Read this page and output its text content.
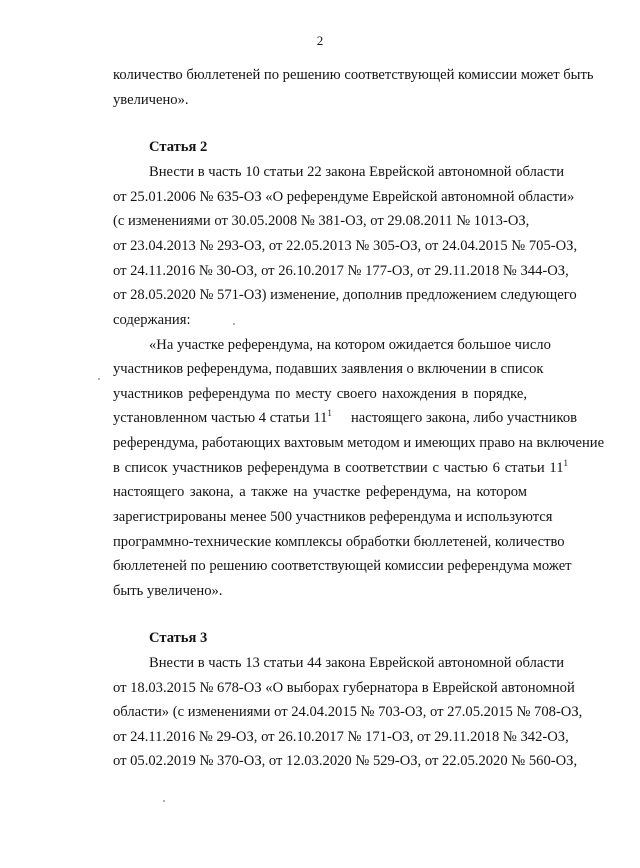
2
количество бюллетеней по решению соответствующей комиссии может быть
увеличено».
Статья 2
Внести в часть 10 статьи 22 закона Еврейской автономной области
от 25.01.2006 № 635-ОЗ «О референдуме Еврейской автономной области»
(с изменениями от 30.05.2008 № 381-ОЗ, от 29.08.2011 № 1013-ОЗ,
от 23.04.2013 № 293-ОЗ, от 22.05.2013 № 305-ОЗ, от 24.04.2015 № 705-ОЗ,
от 24.11.2016 № 30-ОЗ, от 26.10.2017 № 177-ОЗ, от 29.11.2018 № 344-ОЗ,
от 28.05.2020 № 571-ОЗ) изменение, дополнив предложением следующего
содержания:
«На участке референдума, на котором ожидается большое число
участников референдума, подавших заявления о включении в список
участников референдума по месту своего нахождения в порядке,
установленном частью 4 статьи $11^1$ настоящего закона, либо участников
референдума, работающих вахтовым методом и имеющих право на включение
в список участников референдума в соответствии с частью 6 статьи $11^1$
настоящего закона, а также на участке референдума, на котором
зарегистрированы менее 500 участников референдума и используются
программно-технические комплексы обработки бюллетеней, количество
бюллетеней по решению соответствующей комиссии референдума может
быть увеличено».
Статья 3
Внести в часть 13 статьи 44 закона Еврейской автономной области
от 18.03.2015 № 678-ОЗ «О выборах губернатора в Еврейской автономной
области» (с изменениями от 24.04.2015 № 703-ОЗ, от 27.05.2015 № 708-ОЗ,
от 24.11.2016 № 29-ОЗ, от 26.10.2017 № 171-ОЗ, от 29.11.2018 № 342-ОЗ,
от 05.02.2019 № 370-ОЗ, от 12.03.2020 № 529-ОЗ, от 22.05.2020 № 560-ОЗ,
